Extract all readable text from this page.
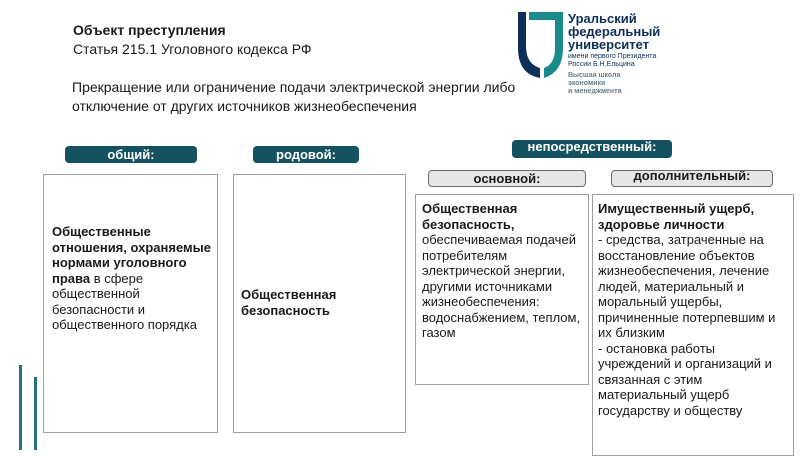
Объект преступления
Статья 215.1 Уголовного кодекса РФ
Прекращение или ограничение подачи электрической энергии либо отключение от других источников жизнеобеспечения
Уральский
федеральный
университет
имени первого Президента
России Б.Н.Ельцина
Высшая школа
экономики
и менеджмента
общий:	родовой:
непосредственный:
основной:	дополнительный:
Общественные отношения, охраняемые нормами уголовного права в сфере общественной безопасности и общественного порядка
Общественная безопасность
Общественная безопасность, обеспечиваемая подачей потребителям электрической энергии, другими источниками жизнеобеспечения: водоснабжением, теплом, газом
Имущественный ущерб, здоровье личности
- средства, затраченные на восстановление объектов жизнеобеспечения, лечение людей, материальный и моральный ущербы, причиненные потерпевшим и их близким
- остановка работы учреждений и организаций и связанная с этим материальный ущерб государству и обществу
